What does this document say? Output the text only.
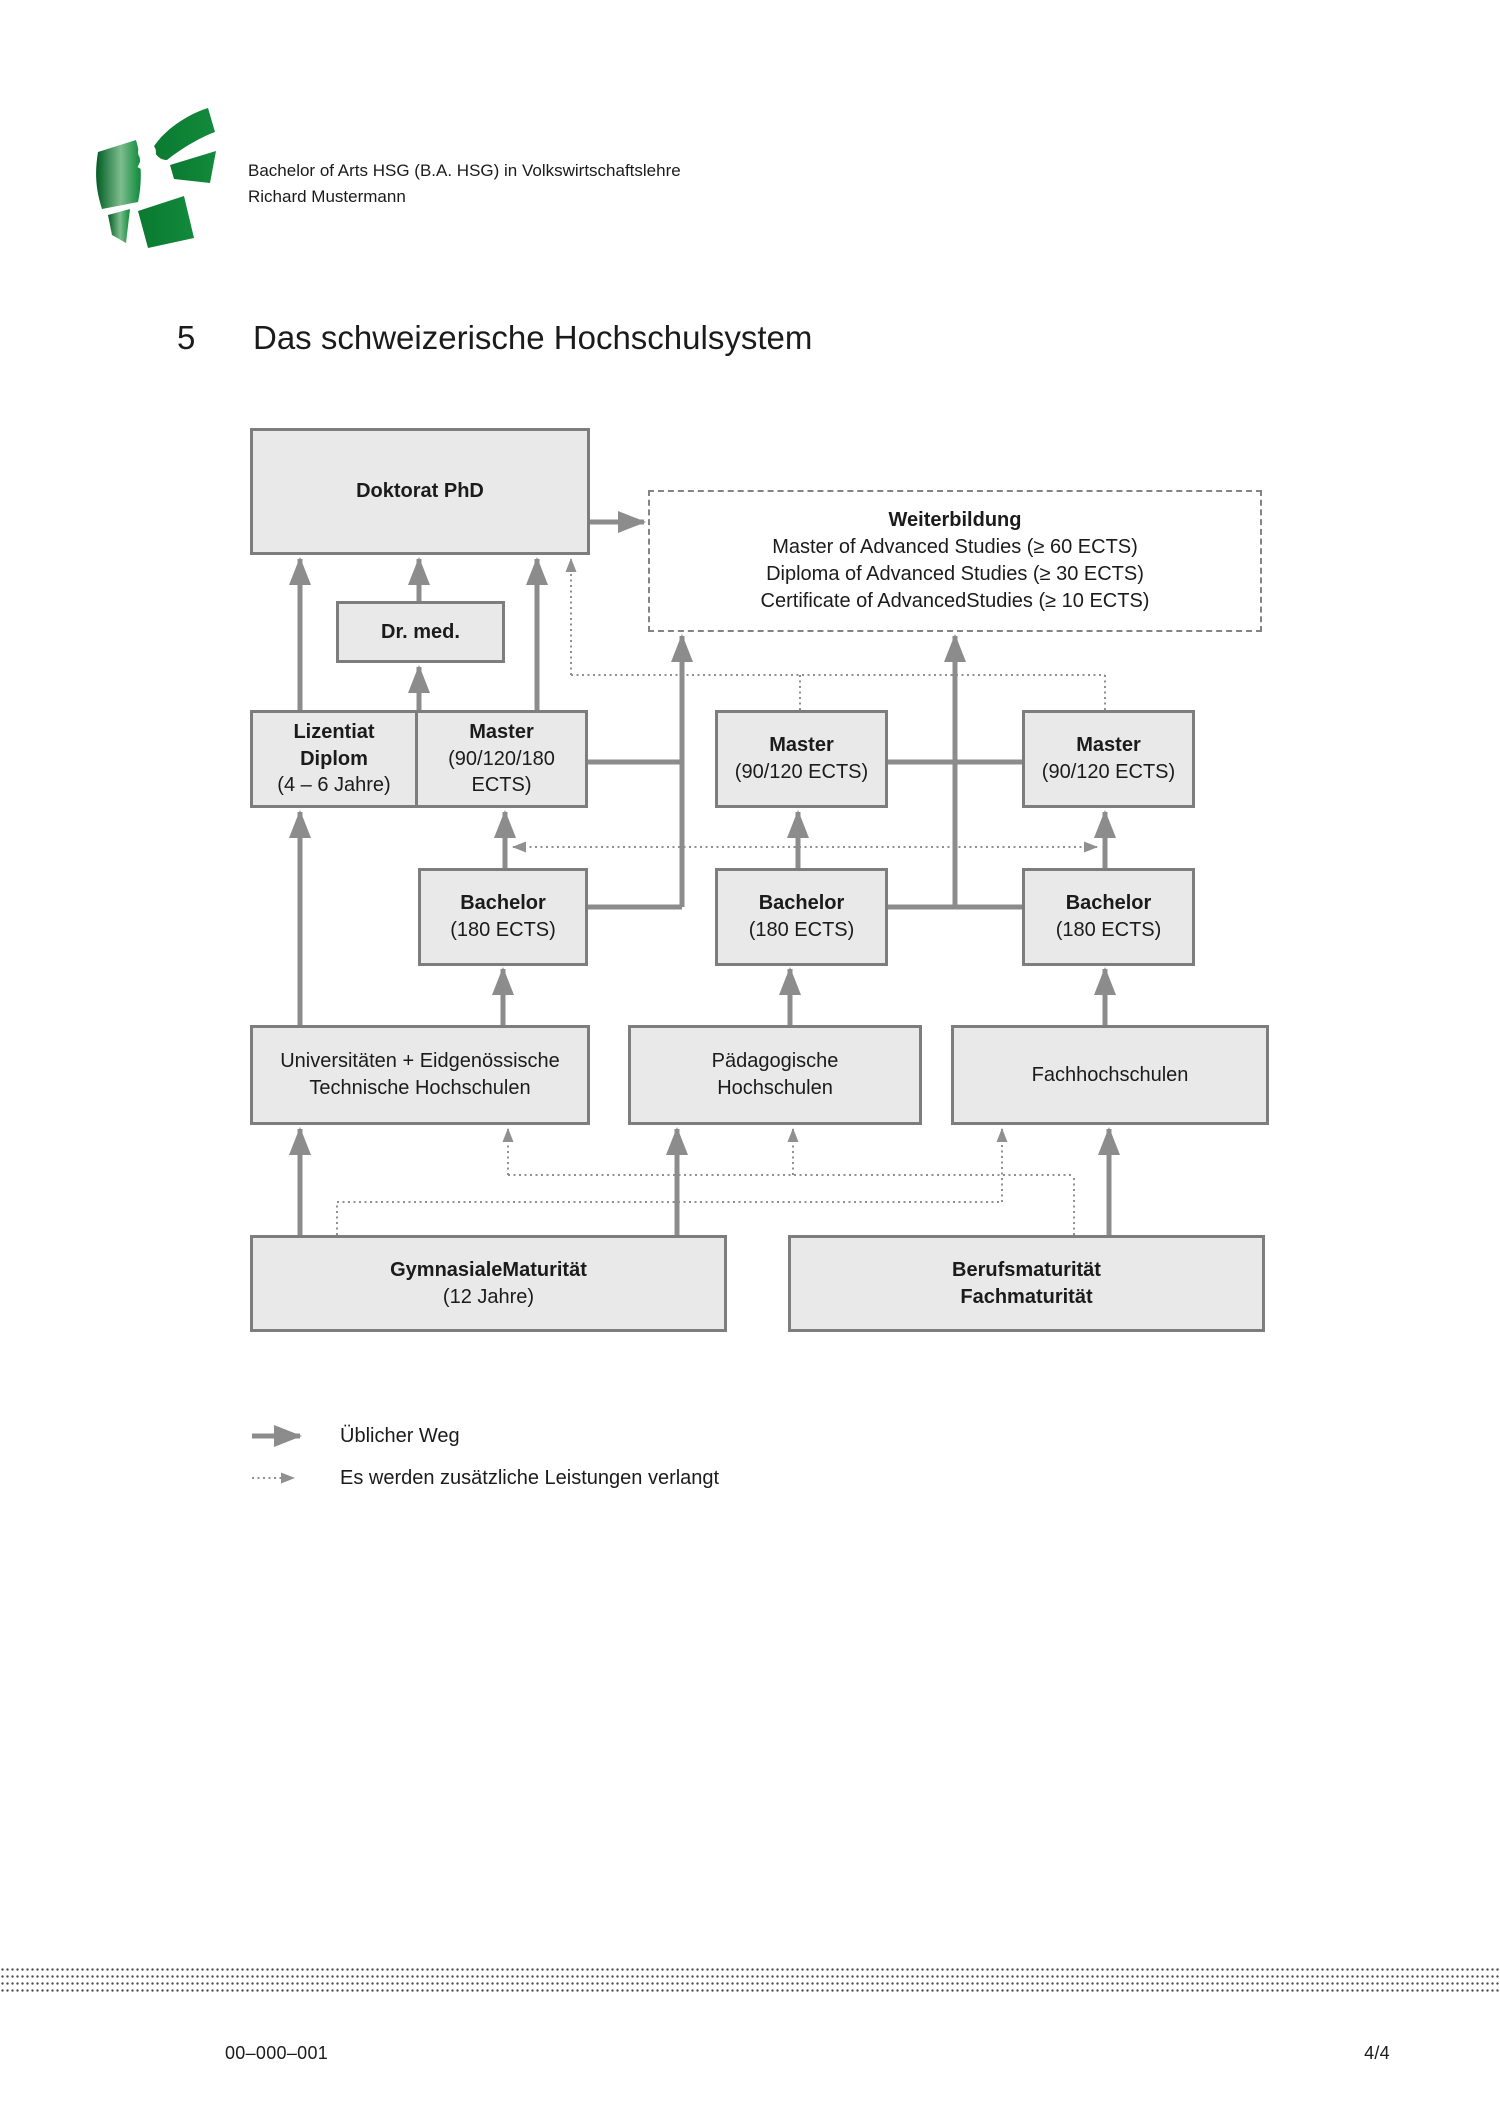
Bachelor of Arts HSG (B.A. HSG) in Volkswirtschaftslehre
Richard Mustermann
5 Das schweizerische Hochschulsystem
Doktorat PhD
Weiterbildung
Master of Advanced Studies (≥ 60 ECTS)
Diploma of Advanced Studies (≥ 30 ECTS)
Certificate of AdvancedStudies (≥ 10 ECTS)
Dr. med.
Lizentiat
Diplom
(4 – 6 Jahre)
Master
(90/120/180
ECTS)
Master
(90/120 ECTS)
Master
(90/120 ECTS)
Bachelor
(180 ECTS)
Bachelor
(180 ECTS)
Bachelor
(180 ECTS)
Universitäten + Eidgenössische
Technische Hochschulen
Pädagogische
Hochschulen
Fachhochschulen
GymnasialeMaturität
(12 Jahre)
Berufsmaturität
Fachmaturität
Üblicher Weg
Es werden zusätzliche Leistungen verlangt
00–000–001	4/4
